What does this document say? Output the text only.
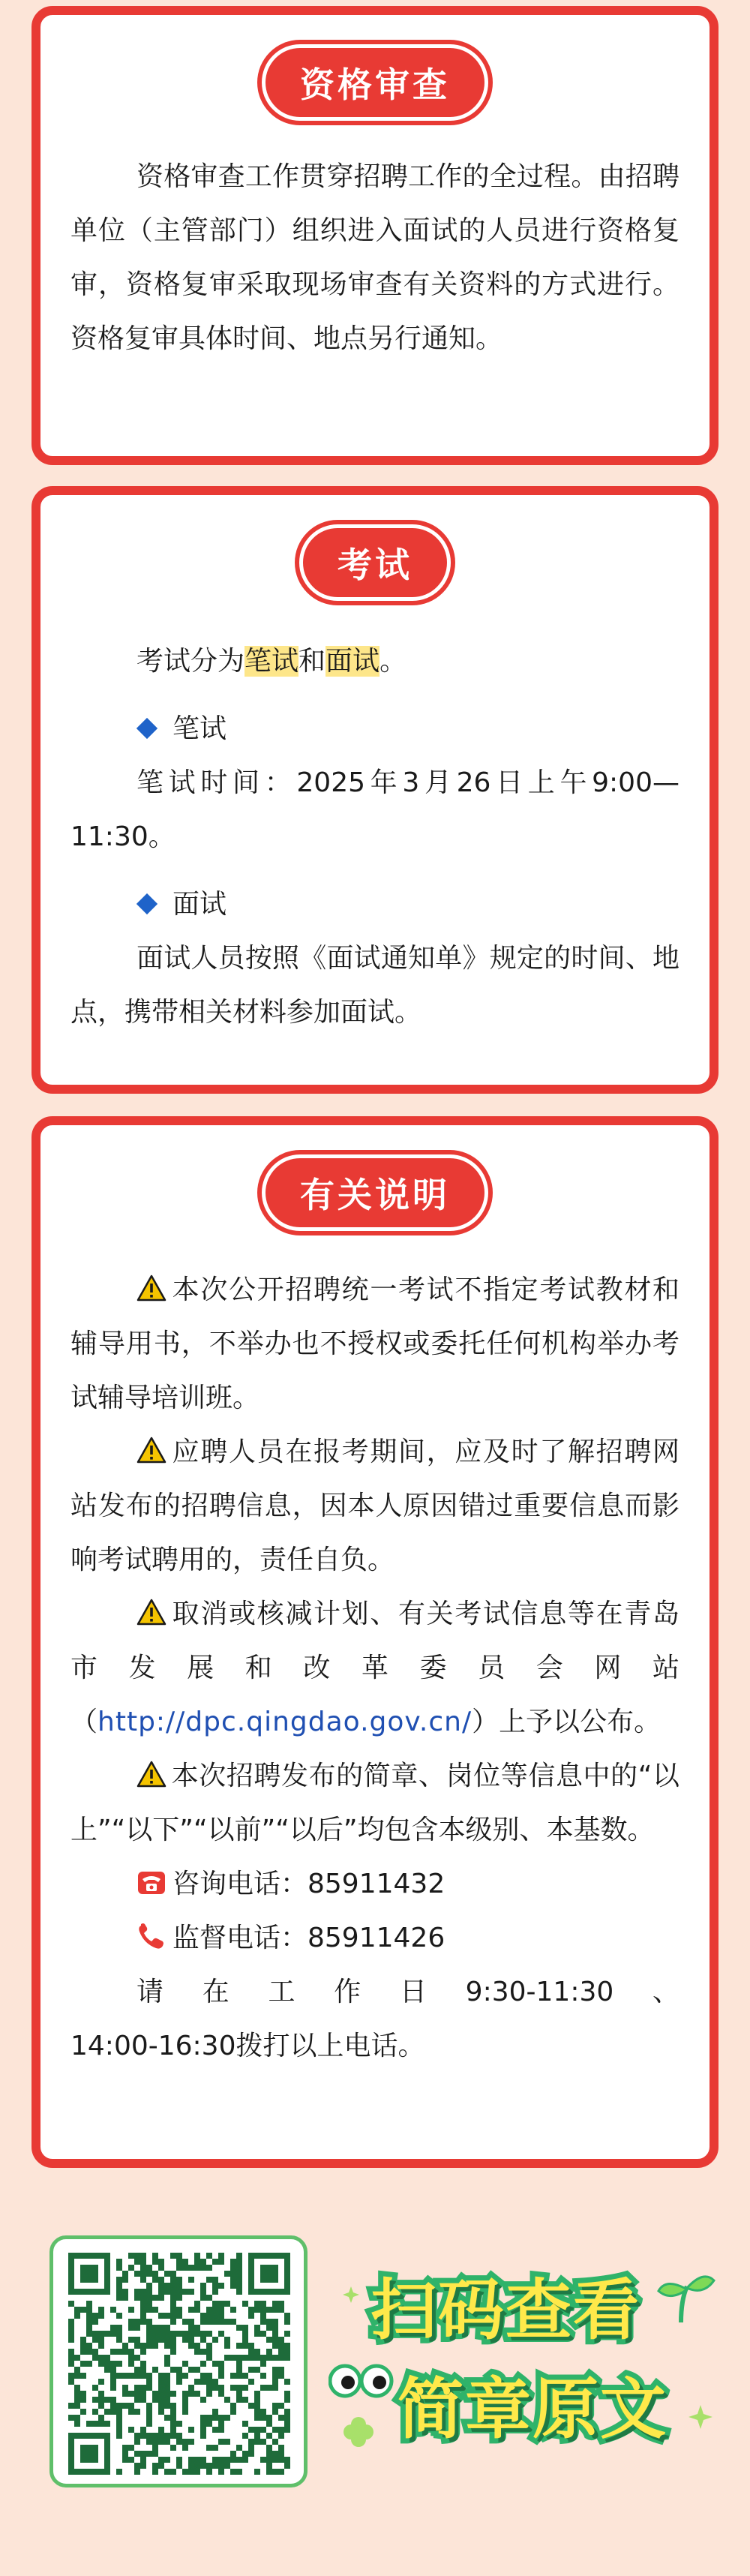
资格审查

资格审查工作贯穿招聘工作的全过程。由招聘单位（主管部门）组织进入面试的人员进行资格复审，资格复审采取现场审查有关资料的方式进行。资格复审具体时间、地点另行通知。

考试

考试分为笔试和面试。

笔试

笔试时间：2025年3月26日上午9:00—11:30。

面试

面试人员按照《面试通知单》规定的时间、地点，携带相关材料参加面试。

有关说明

本次公开招聘统一考试不指定考试教材和辅导用书，不举办也不授权或委托任何机构举办考试辅导培训班。

应聘人员在报考期间，应及时了解招聘网站发布的招聘信息，因本人原因错过重要信息而影响考试聘用的，责任自负。

取消或核减计划、有关考试信息等在青岛市发展和改革委员会网站（http://dpc.qingdao.gov.cn/）上予以公布。

本次招聘发布的简章、岗位等信息中的“以上”“以下”“以前”“以后”均包含本级别、本基数。

咨询电话：85911432

监督电话：85911426

请在工作日9:30-11:30、

14:00-16:30拨打以上电话。

扫码查看
简章原文
